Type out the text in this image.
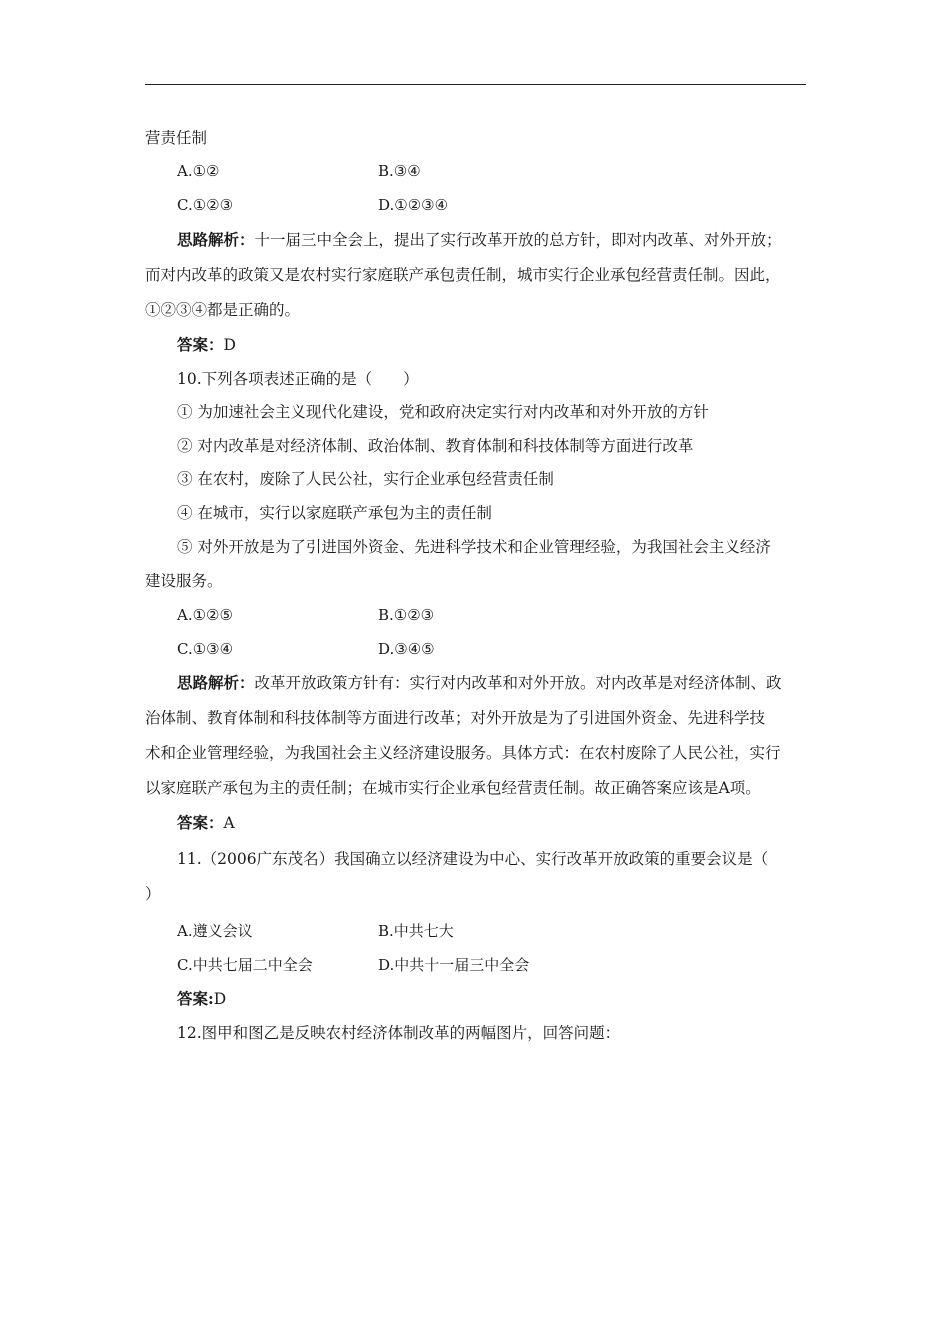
营责任制
A.①②	B.③④
C.①②③	D.①②③④
思路解析：十一届三中全会上，提出了实行改革开放的总方针，即对内改革、对外开放；
而对内改革的政策又是农村实行家庭联产承包责任制，城市实行企业承包经营责任制。因此，
①②③④都是正确的。
答案：D
10.下列各项表述正确的是（　　）
① 为加速社会主义现代化建设，党和政府决定实行对内改革和对外开放的方针
② 对内改革是对经济体制、政治体制、教育体制和科技体制等方面进行改革
③ 在农村，废除了人民公社，实行企业承包经营责任制
④ 在城市，实行以家庭联产承包为主的责任制
⑤ 对外开放是为了引进国外资金、先进科学技术和企业管理经验，为我国社会主义经济
建设服务。
A.①②⑤	B.①②③
C.①③④	D.③④⑤
思路解析：改革开放政策方针有：实行对内改革和对外开放。对内改革是对经济体制、政
治体制、教育体制和科技体制等方面进行改革；对外开放是为了引进国外资金、先进科学技
术和企业管理经验，为我国社会主义经济建设服务。具体方式：在农村废除了人民公社，实行
以家庭联产承包为主的责任制；在城市实行企业承包经营责任制。故正确答案应该是A项。
答案：A
11.（2006广东茂名）我国确立以经济建设为中心、实行改革开放政策的重要会议是（
）
A.遵义会议	B.中共七大
C.中共七届二中全会	D.中共十一届三中全会
答案:D
12.图甲和图乙是反映农村经济体制改革的两幅图片，回答问题：
